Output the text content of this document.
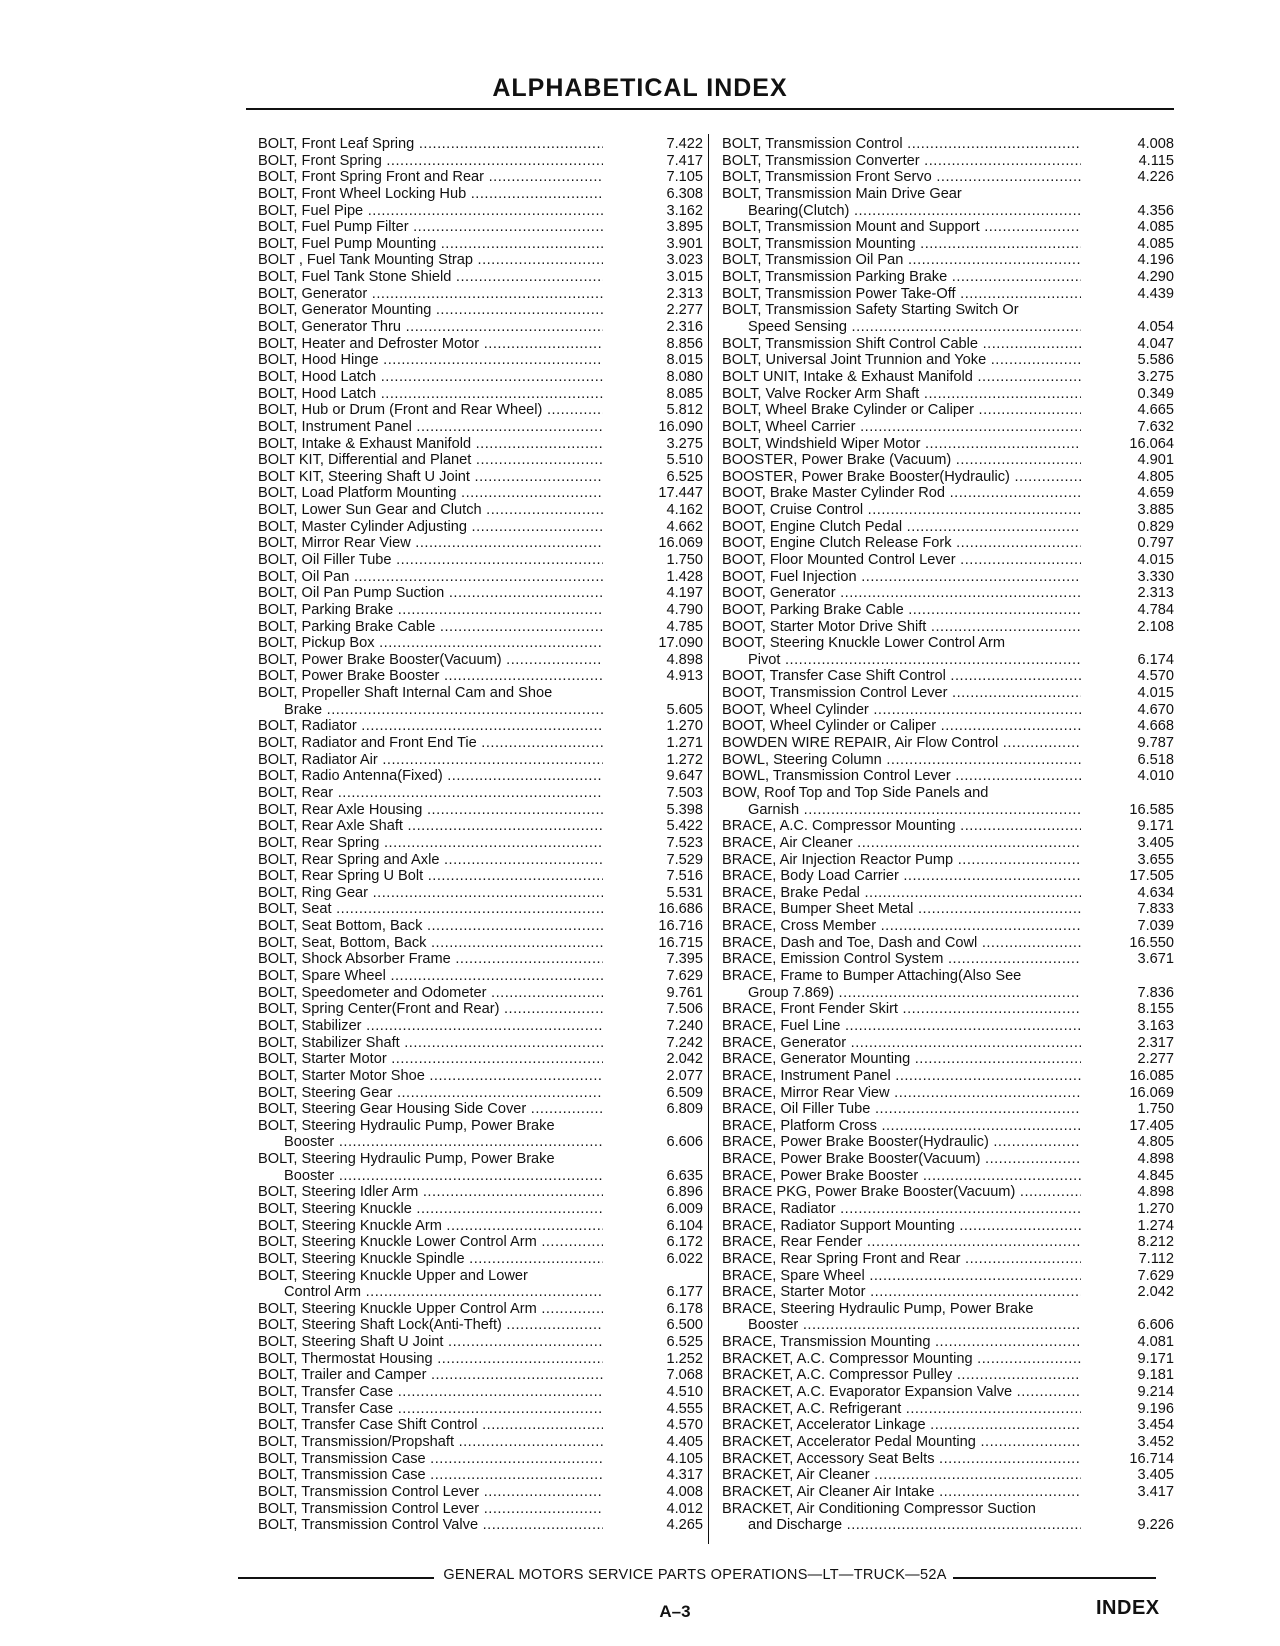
ALPHABETICAL INDEX
BOLT, Front Leaf Spring .....	7.422
BOLT, Front Spring .....	7.417
BOLT, Front Spring Front and Rear .....	7.105
BOLT, Front Wheel Locking Hub .....	6.308
BOLT, Fuel Pipe .....	3.162
BOLT, Fuel Pump Filter .....	3.895
BOLT, Fuel Pump Mounting .....	3.901
BOLT , Fuel Tank Mounting Strap .....	3.023
BOLT, Fuel Tank Stone Shield .....	3.015
BOLT, Generator .....	2.313
BOLT, Generator Mounting .....	2.277
BOLT, Generator Thru .....	2.316
BOLT, Heater and Defroster Motor .....	8.856
BOLT, Hood Hinge .....	8.015
BOLT, Hood Latch .....	8.080
BOLT, Hood Latch .....	8.085
BOLT, Hub or Drum (Front and Rear Wheel) .....	5.812
BOLT, Instrument Panel .....	16.090
BOLT, Intake & Exhaust Manifold .....	3.275
BOLT KIT, Differential and Planet .....	5.510
BOLT KIT, Steering Shaft U Joint .....	6.525
BOLT, Load Platform Mounting .....	17.447
BOLT, Lower Sun Gear and Clutch .....	4.162
BOLT, Master Cylinder Adjusting .....	4.662
BOLT, Mirror Rear View .....	16.069
BOLT, Oil Filler Tube .....	1.750
BOLT, Oil Pan .....	1.428
BOLT, Oil Pan Pump Suction .....	4.197
BOLT, Parking Brake .....	4.790
BOLT, Parking Brake Cable .....	4.785
BOLT, Pickup Box .....	17.090
BOLT, Power Brake Booster(Vacuum) .....	4.898
BOLT, Power Brake Booster .....	4.913
BOLT, Propeller Shaft Internal Cam and Shoe
Brake .....	5.605
BOLT, Radiator .....	1.270
BOLT, Radiator and Front End Tie .....	1.271
BOLT, Radiator Air .....	1.272
BOLT, Radio Antenna(Fixed) .....	9.647
BOLT, Rear .....	7.503
BOLT, Rear Axle Housing .....	5.398
BOLT, Rear Axle Shaft .....	5.422
BOLT, Rear Spring .....	7.523
BOLT, Rear Spring and Axle .....	7.529
BOLT, Rear Spring U Bolt .....	7.516
BOLT, Ring Gear .....	5.531
BOLT, Seat .....	16.686
BOLT, Seat Bottom, Back .....	16.716
BOLT, Seat, Bottom, Back .....	16.715
BOLT, Shock Absorber Frame .....	7.395
BOLT, Spare Wheel .....	7.629
BOLT, Speedometer and Odometer .....	9.761
BOLT, Spring Center(Front and Rear) .....	7.506
BOLT, Stabilizer .....	7.240
BOLT, Stabilizer Shaft .....	7.242
BOLT, Starter Motor .....	2.042
BOLT, Starter Motor Shoe .....	2.077
BOLT, Steering Gear .....	6.509
BOLT, Steering Gear Housing Side Cover .....	6.809
BOLT, Steering Hydraulic Pump, Power Brake
Booster .....	6.606
BOLT, Steering Hydraulic Pump, Power Brake
Booster .....	6.635
BOLT, Steering Idler Arm .....	6.896
BOLT, Steering Knuckle .....	6.009
BOLT, Steering Knuckle Arm .....	6.104
BOLT, Steering Knuckle Lower Control Arm .....	6.172
BOLT, Steering Knuckle Spindle .....	6.022
BOLT, Steering Knuckle Upper and Lower
Control Arm .....	6.177
BOLT, Steering Knuckle Upper Control Arm .....	6.178
BOLT, Steering Shaft Lock(Anti-Theft) .....	6.500
BOLT, Steering Shaft U Joint .....	6.525
BOLT, Thermostat Housing .....	1.252
BOLT, Trailer and Camper .....	7.068
BOLT, Transfer Case .....	4.510
BOLT, Transfer Case .....	4.555
BOLT, Transfer Case Shift Control .....	4.570
BOLT, Transmission/Propshaft .....	4.405
BOLT, Transmission Case .....	4.105
BOLT, Transmission Case .....	4.317
BOLT, Transmission Control Lever .....	4.008
BOLT, Transmission Control Lever .....	4.012
BOLT, Transmission Control Valve .....	4.265
BOLT, Transmission Control .....	4.008
BOLT, Transmission Converter .....	4.115
BOLT, Transmission Front Servo .....	4.226
BOLT, Transmission Main Drive Gear
Bearing(Clutch) .....	4.356
BOLT, Transmission Mount and Support .....	4.085
BOLT, Transmission Mounting .....	4.085
BOLT, Transmission Oil Pan .....	4.196
BOLT, Transmission Parking Brake .....	4.290
BOLT, Transmission Power Take-Off .....	4.439
BOLT, Transmission Safety Starting Switch Or
Speed Sensing .....	4.054
BOLT, Transmission Shift Control Cable .....	4.047
BOLT, Universal Joint Trunnion and Yoke .....	5.586
BOLT UNIT, Intake & Exhaust Manifold .....	3.275
BOLT, Valve Rocker Arm Shaft .....	0.349
BOLT, Wheel Brake Cylinder or Caliper .....	4.665
BOLT, Wheel Carrier .....	7.632
BOLT, Windshield Wiper Motor .....	16.064
BOOSTER, Power Brake (Vacuum) .....	4.901
BOOSTER, Power Brake Booster(Hydraulic) .....	4.805
BOOT, Brake Master Cylinder Rod .....	4.659
BOOT, Cruise Control .....	3.885
BOOT, Engine Clutch Pedal .....	0.829
BOOT, Engine Clutch Release Fork .....	0.797
BOOT, Floor Mounted Control Lever .....	4.015
BOOT, Fuel Injection .....	3.330
BOOT, Generator .....	2.313
BOOT, Parking Brake Cable .....	4.784
BOOT, Starter Motor Drive Shift .....	2.108
BOOT, Steering Knuckle Lower Control Arm
Pivot .....	6.174
BOOT, Transfer Case Shift Control .....	4.570
BOOT, Transmission Control Lever .....	4.015
BOOT, Wheel Cylinder .....	4.670
BOOT, Wheel Cylinder or Caliper .....	4.668
BOWDEN WIRE REPAIR, Air Flow Control .....	9.787
BOWL, Steering Column .....	6.518
BOWL, Transmission Control Lever .....	4.010
BOW, Roof Top and Top Side Panels and
Garnish .....	16.585
BRACE, A.C. Compressor Mounting .....	9.171
BRACE, Air Cleaner .....	3.405
BRACE, Air Injection Reactor Pump .....	3.655
BRACE, Body Load Carrier .....	17.505
BRACE, Brake Pedal .....	4.634
BRACE, Bumper Sheet Metal .....	7.833
BRACE, Cross Member .....	7.039
BRACE, Dash and Toe, Dash and Cowl .....	16.550
BRACE, Emission Control System .....	3.671
BRACE, Frame to Bumper Attaching(Also See
Group 7.869) .....	7.836
BRACE, Front Fender Skirt .....	8.155
BRACE, Fuel Line .....	3.163
BRACE, Generator .....	2.317
BRACE, Generator Mounting .....	2.277
BRACE, Instrument Panel .....	16.085
BRACE, Mirror Rear View .....	16.069
BRACE, Oil Filler Tube .....	1.750
BRACE, Platform Cross .....	17.405
BRACE, Power Brake Booster(Hydraulic) .....	4.805
BRACE, Power Brake Booster(Vacuum) .....	4.898
BRACE, Power Brake Booster .....	4.845
BRACE PKG, Power Brake Booster(Vacuum) .....	4.898
BRACE, Radiator .....	1.270
BRACE, Radiator Support Mounting .....	1.274
BRACE, Rear Fender .....	8.212
BRACE, Rear Spring Front and Rear .....	7.112
BRACE, Spare Wheel .....	7.629
BRACE, Starter Motor .....	2.042
BRACE, Steering Hydraulic Pump, Power Brake
Booster .....	6.606
BRACE, Transmission Mounting .....	4.081
BRACKET, A.C. Compressor Mounting .....	9.171
BRACKET, A.C. Compressor Pulley .....	9.181
BRACKET, A.C. Evaporator Expansion Valve .....	9.214
BRACKET, A.C. Refrigerant .....	9.196
BRACKET, Accelerator Linkage .....	3.454
BRACKET, Accelerator Pedal Mounting .....	3.452
BRACKET, Accessory Seat Belts .....	16.714
BRACKET, Air Cleaner .....	3.405
BRACKET, Air Cleaner Air Intake .....	3.417
BRACKET, Air Conditioning Compressor Suction
and Discharge .....	9.226
GENERAL MOTORS SERVICE PARTS OPERATIONS—LT—TRUCK—52A
A–3	INDEX
